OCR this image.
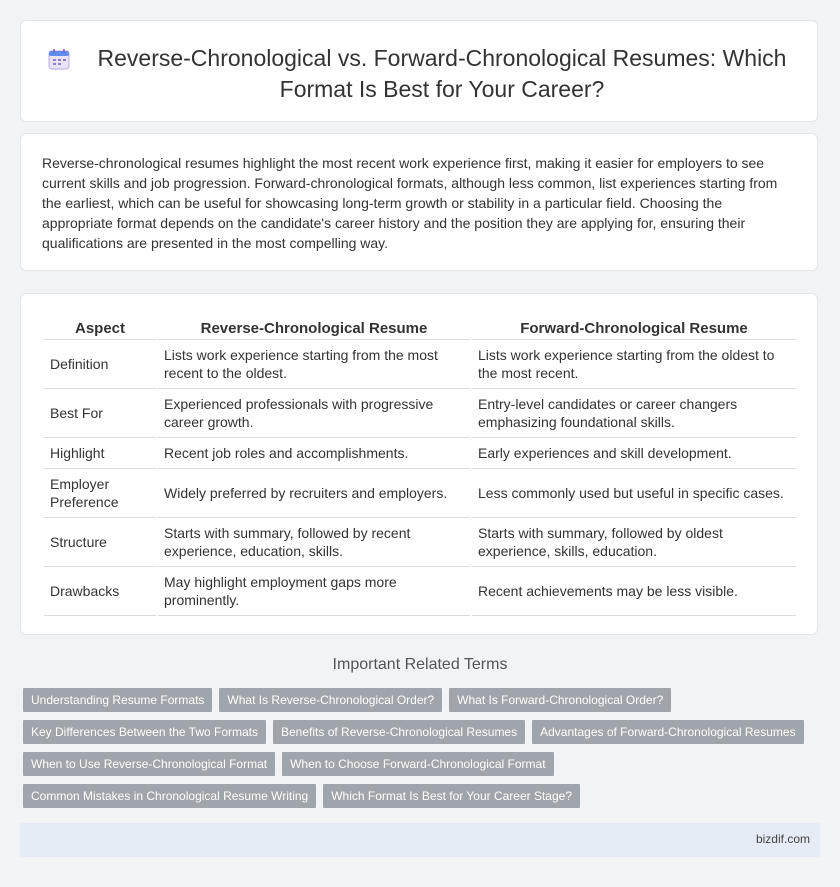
Reverse-Chronological vs. Forward-Chronological Resumes: Which Format Is Best for Your Career?

Reverse-chronological resumes highlight the most recent work experience first, making it easier for employers to see current skills and job progression. Forward-chronological formats, although less common, list experiences starting from the earliest, which can be useful for showcasing long-term growth or stability in a particular field. Choosing the appropriate format depends on the candidate's career history and the position they are applying for, ensuring their qualifications are presented in the most compelling way.

Aspect	Reverse-Chronological Resume	Forward-Chronological Resume
Definition	Lists work experience starting from the most recent to the oldest.	Lists work experience starting from the oldest to the most recent.
Best For	Experienced professionals with progressive career growth.	Entry-level candidates or career changers emphasizing foundational skills.
Highlight	Recent job roles and accomplishments.	Early experiences and skill development.
Employer Preference	Widely preferred by recruiters and employers.	Less commonly used but useful in specific cases.
Structure	Starts with summary, followed by recent experience, education, skills.	Starts with summary, followed by oldest experience, skills, education.
Drawbacks	May highlight employment gaps more prominently.	Recent achievements may be less visible.
Important Related Terms
Understanding Resume Formats	What Is Reverse-Chronological Order?	What Is Forward-Chronological Order?
Key Differences Between the Two Formats	Benefits of Reverse-Chronological Resumes	Advantages of Forward-Chronological Resumes
When to Use Reverse-Chronological Format	When to Choose Forward-Chronological Format
Common Mistakes in Chronological Resume Writing	Which Format Is Best for Your Career Stage?
bizdif.com
